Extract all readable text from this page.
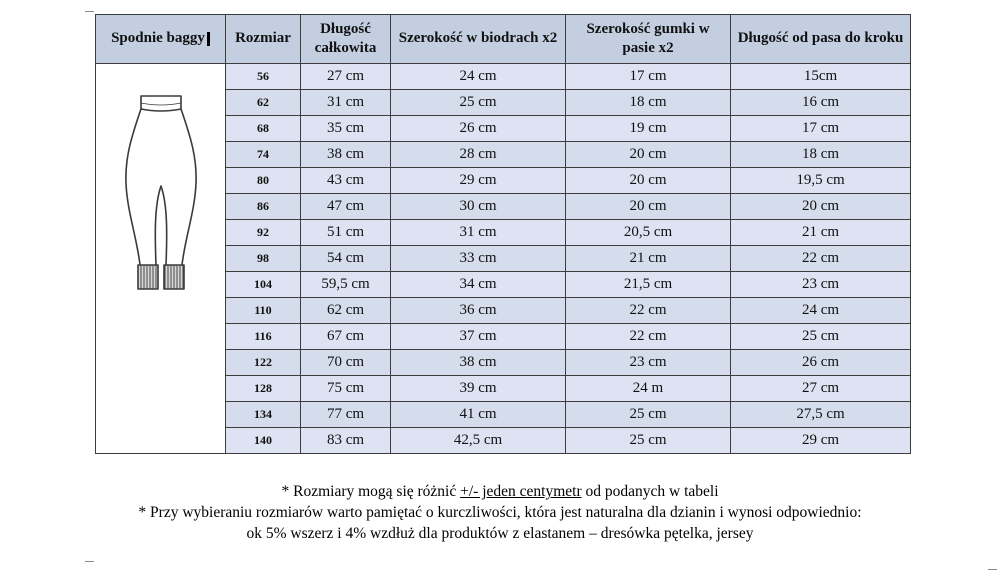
Spodnie baggy	Rozmiar	Długość całkowita	Szerokość w biodrach x2	Szerokość gumki w pasie x2	Długość od pasa do kroku
	56	27 cm	24 cm	17 cm	15cm
	62	31 cm	25 cm	18 cm	16 cm
	68	35 cm	26 cm	19 cm	17 cm
	74	38 cm	28 cm	20 cm	18 cm
	80	43 cm	29 cm	20 cm	19,5 cm
	86	47 cm	30 cm	20 cm	20 cm
	92	51 cm	31 cm	20,5 cm	21 cm
	98	54 cm	33 cm	21 cm	22 cm
	104	59,5 cm	34 cm	21,5 cm	23 cm
	110	62 cm	36 cm	22 cm	24 cm
	116	67 cm	37 cm	22 cm	25 cm
	122	70 cm	38 cm	23 cm	26 cm
	128	75 cm	39 cm	24 m	27 cm
	134	77 cm	41 cm	25 cm	27,5 cm
	140	83 cm	42,5 cm	25 cm	29 cm
* Rozmiary mogą się różnić +/- jeden centymetr od podanych w tabeli
* Przy wybieraniu rozmiarów warto pamiętać o kurczliwości, która jest naturalna dla dzianin i wynosi odpowiednio:
ok 5% wszerz i 4% wzdłuż dla produktów z elastanem – dresówka pętelka, jersey
